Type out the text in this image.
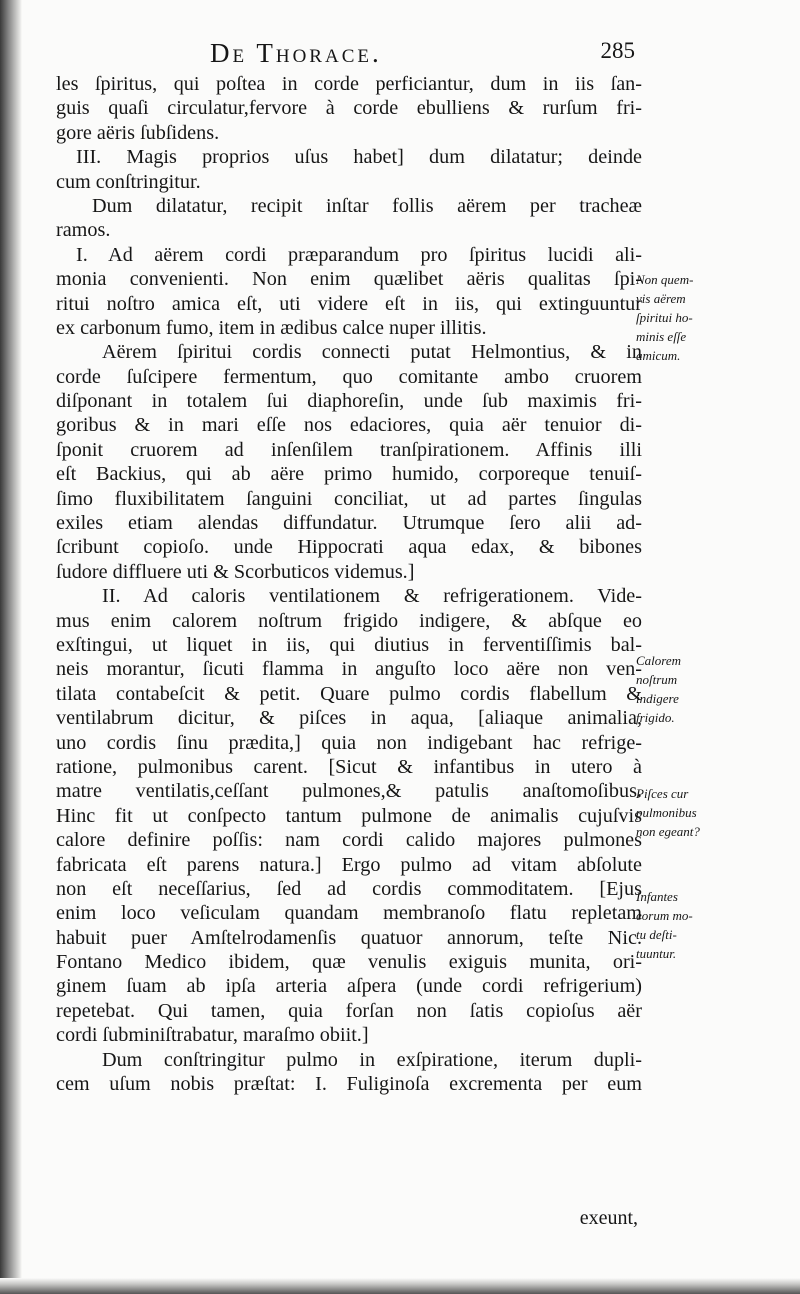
De Thorace.	285
les ſpiritus, qui poſtea in corde perficiantur, dum in iis ſan-
guis quaſi circulatur,fervore à corde ebulliens & rurſum fri-
gore aëris ſubſidens.
III. Magis proprios uſus habet] dum dilatatur; deinde
cum conſtringitur.
Dum dilatatur, recipit inſtar follis aërem per tracheæ
ramos.
I. Ad aërem cordi præparandum pro ſpiritus lucidi ali-
monia convenienti. Non enim quælibet aëris qualitas ſpi-
ritui noſtro amica eſt, uti videre eſt in iis, qui extinguuntur
ex carbonum fumo, item in ædibus calce nuper illitis.
Aërem ſpiritui cordis connecti putat Helmontius, & in
corde ſuſcipere fermentum, quo comitante ambo cruorem
diſponant in totalem ſui diaphoreſin, unde ſub maximis fri-
goribus & in mari eſſe nos edaciores, quia aër tenuior di-
ſponit cruorem ad inſenſilem tranſpirationem. Affinis illi
eſt Backius, qui ab aëre primo humido, corporeque tenuiſ-
ſimo fluxibilitatem ſanguini conciliat, ut ad partes ſingulas
exiles etiam alendas diffundatur. Utrumque ſero alii ad-
ſcribunt copioſo. unde Hippocrati aqua edax, & bibones
ſudore diffluere uti & Scorbuticos videmus.]
II. Ad caloris ventilationem & refrigerationem. Vide-
mus enim calorem noſtrum frigido indigere, & abſque eo
exſtingui, ut liquet in iis, qui diutius in ferventiſſimis bal-
neis morantur, ſicuti flamma in anguſto loco aëre non ven-
tilata contabeſcit & petit. Quare pulmo cordis flabellum &
ventilabrum dicitur, & piſces in aqua, [aliaque animalia,
uno cordis ſinu prædita,] quia non indigebant hac refrige-
ratione, pulmonibus carent. [Sicut & infantibus in utero à
matre ventilatis,ceſſant pulmones,& patulis anaſtomoſibus.
Hinc fit ut conſpecto tantum pulmone de animalis cujuſvis
calore definire poſſis: nam cordi calido majores pulmones
fabricata eſt parens natura.] Ergo pulmo ad vitam abſolute
non eſt neceſſarius, ſed ad cordis commoditatem. [Ejus
enim loco veſiculam quandam membranoſo flatu repletam
habuit puer Amſtelrodamenſis quatuor annorum, teſte Nic.
Fontano Medico ibidem, quæ venulis exiguis munita, ori-
ginem ſuam ab ipſa arteria aſpera (unde cordi refrigerium)
repetebat. Qui tamen, quia forſan non ſatis copioſus aër
cordi ſubminiſtrabatur, maraſmo obiit.]
Dum conſtringitur pulmo in exſpiratione, iterum dupli-
cem uſum nobis præſtat: I. Fuliginoſa excrementa per eum
exeunt,
Non quem-
vis aërem
ſpiritui ho-
minis eſſe
amicum.
Calorem
noſtrum
indigere
frigido.
Piſces cur
pulmonibus
non egeant?
Infantes
eorum mo-
tu deſti-
tuuntur.
